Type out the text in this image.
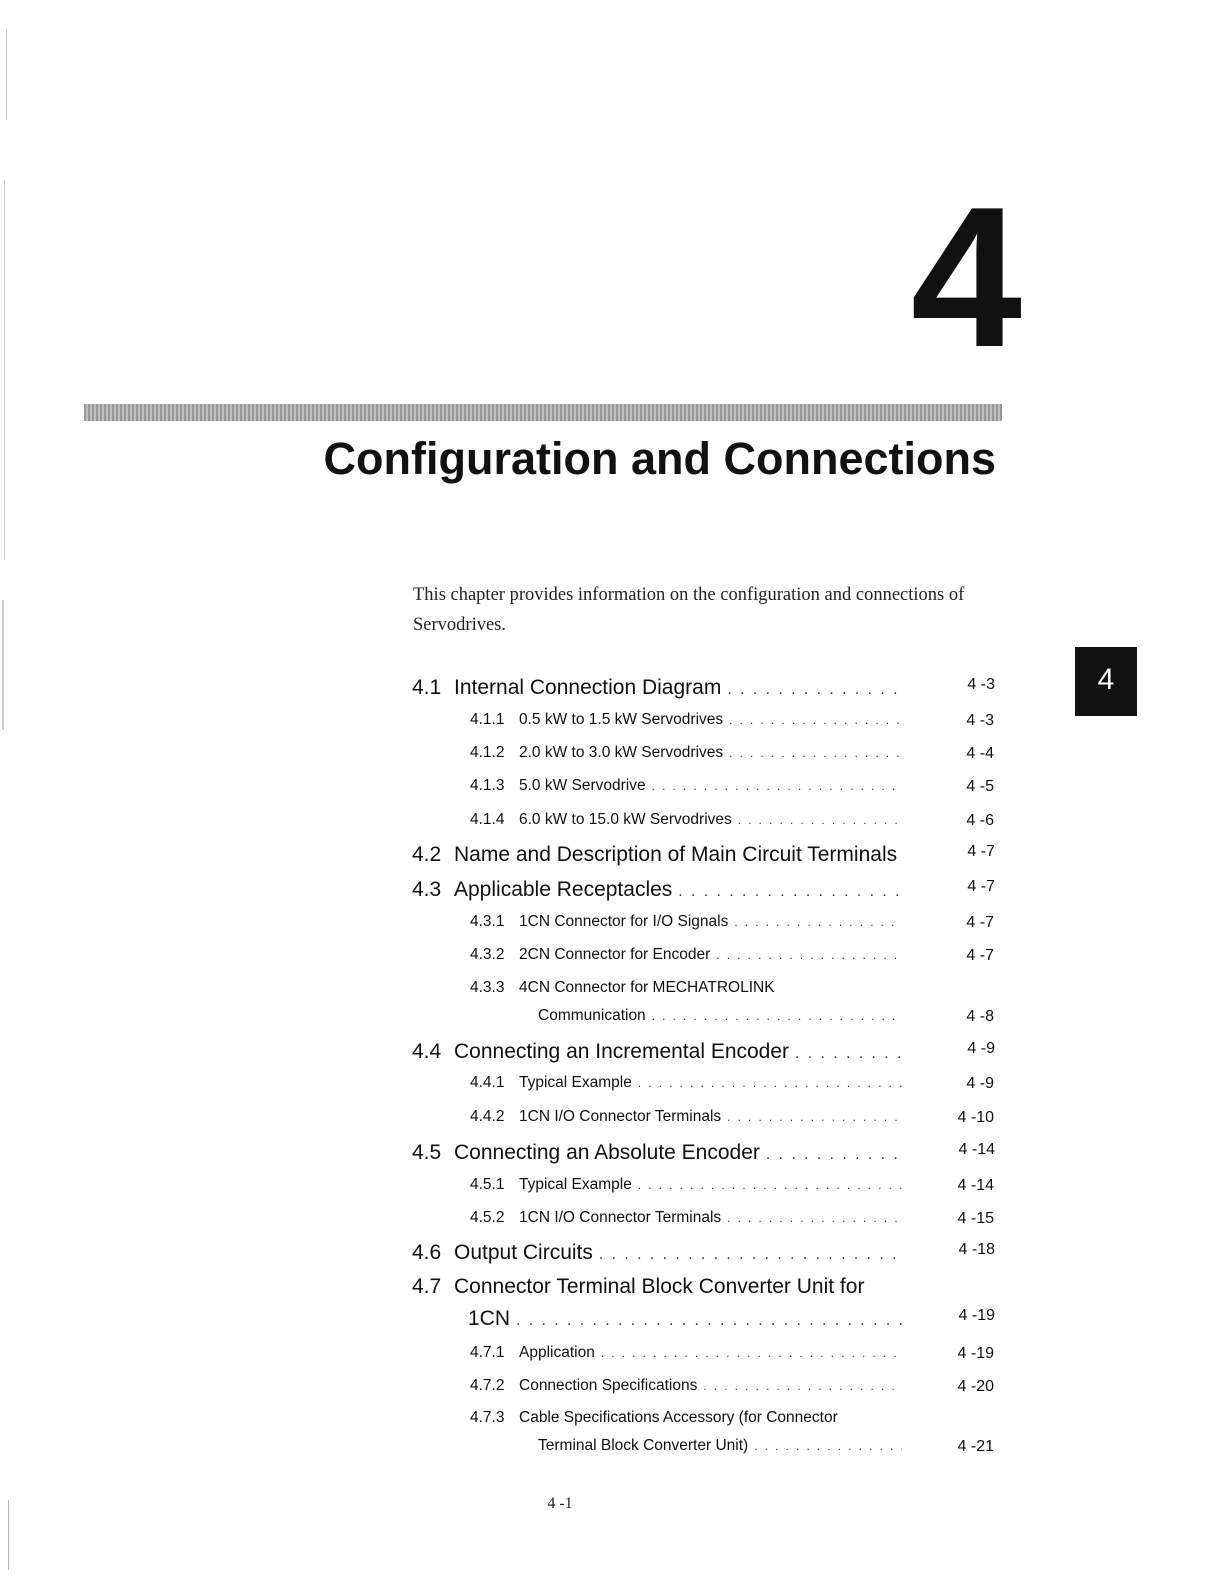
4
Configuration and Connections
This chapter provides information on the configuration and connections of Servodrives.
4
4.1 Internal Connection Diagram . . .	4 -3
4.1.1 0.5 kW to 1.5 kW Servodrives . . .	4 -3
4.1.2 2.0 kW to 3.0 kW Servodrives . . .	4 -4
4.1.3 5.0 kW Servodrive . . .	4 -5
4.1.4 6.0 kW to 15.0 kW Servodrives . . .	4 -6
4.2 Name and Description of Main Circuit Terminals	4 -7
4.3 Applicable Receptacles . . .	4 -7
4.3.1 1CN Connector for I/O Signals . . .	4 -7
4.3.2 2CN Connector for Encoder . . .	4 -7
4.3.3 4CN Connector for MECHATROLINK
Communication . . .	4 -8
4.4 Connecting an Incremental Encoder . . .	4 -9
4.4.1 Typical Example . . .	4 -9
4.4.2 1CN I/O Connector Terminals . . .	4 -10
4.5 Connecting an Absolute Encoder . . .	4 -14
4.5.1 Typical Example . . .	4 -14
4.5.2 1CN I/O Connector Terminals . . .	4 -15
4.6 Output Circuits . . .	4 -18
4.7 Connector Terminal Block Converter Unit for
1CN . . .	4 -19
4.7.1 Application . . .	4 -19
4.7.2 Connection Specifications . . .	4 -20
4.7.3 Cable Specifications Accessory (for Connector
Terminal Block Converter Unit) . . .	4 -21
4 -1
